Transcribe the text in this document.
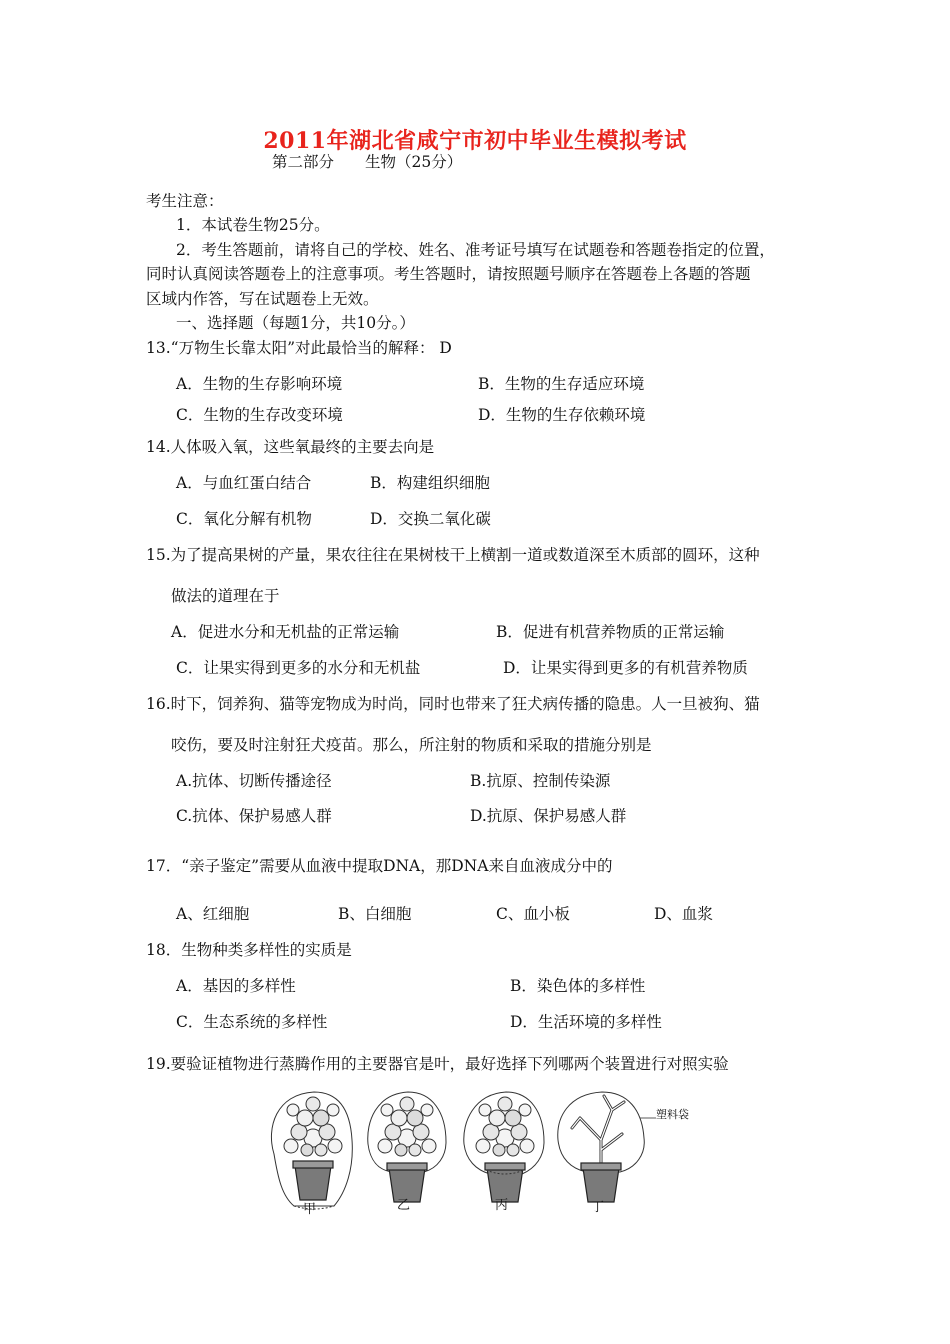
2011年湖北省咸宁市初中毕业生模拟考试
第二部分　　生物（25分）
考生注意：
1．本试卷生物25分。
2．考生答题前，请将自己的学校、姓名、准考证号填写在试题卷和答题卷指定的位置，
同时认真阅读答题卷上的注意事项。考生答题时，请按照题号顺序在答题卷上各题的答题
区域内作答，写在试题卷上无效。
一、选择题（每题1分，共10分。）
13.“万物生长靠太阳”对此最恰当的解释： D
A．生物的生存影响环境	B．生物的生存适应环境
C．生物的生存改变环境	D．生物的生存依赖环境
14.人体吸入氧，这些氧最终的主要去向是
A．与血红蛋白结合	B．构建组织细胞
C．氧化分解有机物	D．交换二氧化碳
15.为了提高果树的产量，果农往往在果树枝干上横割一道或数道深至木质部的圆环，这种
做法的道理在于
A．促进水分和无机盐的正常运输	B．促进有机营养物质的正常运输
C．让果实得到更多的水分和无机盐	D．让果实得到更多的有机营养物质
16.时下，饲养狗、猫等宠物成为时尚，同时也带来了狂犬病传播的隐患。人一旦被狗、猫
咬伤，要及时注射狂犬疫苗。那么，所注射的物质和采取的措施分别是
A.抗体、切断传播途径	B.抗原、控制传染源
C.抗体、保护易感人群	D.抗原、保护易感人群
17．“亲子鉴定”需要从血液中提取DNA，那DNA来自血液成分中的
A、红细胞	B、白细胞	C、血小板	D、血浆
18．生物种类多样性的实质是
A．基因的多样性	B．染色体的多样性
C．生态系统的多样性	D．生活环境的多样性
19.要验证植物进行蒸腾作用的主要器官是叶，最好选择下列哪两个装置进行对照实验
塑料袋
甲	乙	丙	丁
